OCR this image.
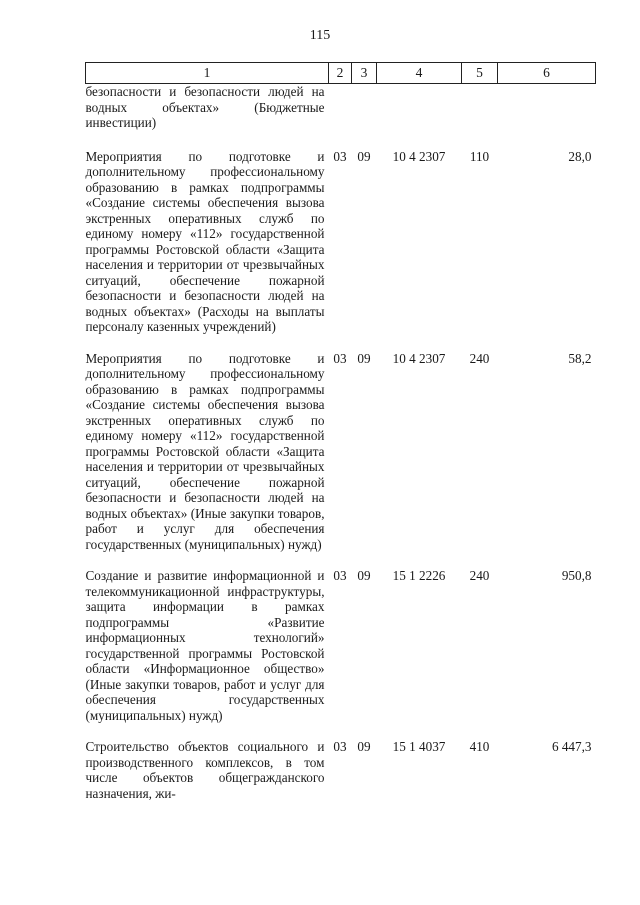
115
1	2	3	4	5	6
безопасности и безопасности людей на водных объектах» (Бюджетные инвестиции)					
Мероприятия по подготовке и дополнительному профессиональному образованию в рамках подпрограммы «Создание системы обеспечения вызова экстренных оперативных служб по единому номеру «112» государственной программы Ростовской области «Защита населения и территории от чрезвычайных ситуаций, обеспечение пожарной безопасности и безопасности людей на водных объектах» (Расходы на выплаты персоналу казенных учреждений)	03	09	10 4 2307	110	28,0
Мероприятия по подготовке и дополнительному профессиональному образованию в рамках подпрограммы «Создание системы обеспечения вызова экстренных оперативных служб по единому номеру «112» государственной программы Ростовской области «Защита населения и территории от чрезвычайных ситуаций, обеспечение пожарной безопасности и безопасности людей на водных объектах» (Иные закупки товаров, работ и услуг для обеспечения государственных (муниципальных) нужд)	03	09	10 4 2307	240	58,2
Создание и развитие информационной и телекоммуникационной инфраструктуры, защита информации в рамках подпрограммы «Развитие информационных технологий» государственной программы Ростовской области «Информационное общество» (Иные закупки товаров, работ и услуг для обеспечения государственных (муниципальных) нужд)	03	09	15 1 2226	240	950,8
Строительство объектов социального и производственного комплексов, в том числе объектов общегражданского назначения, жи-	03	09	15 1 4037	410	6 447,3
